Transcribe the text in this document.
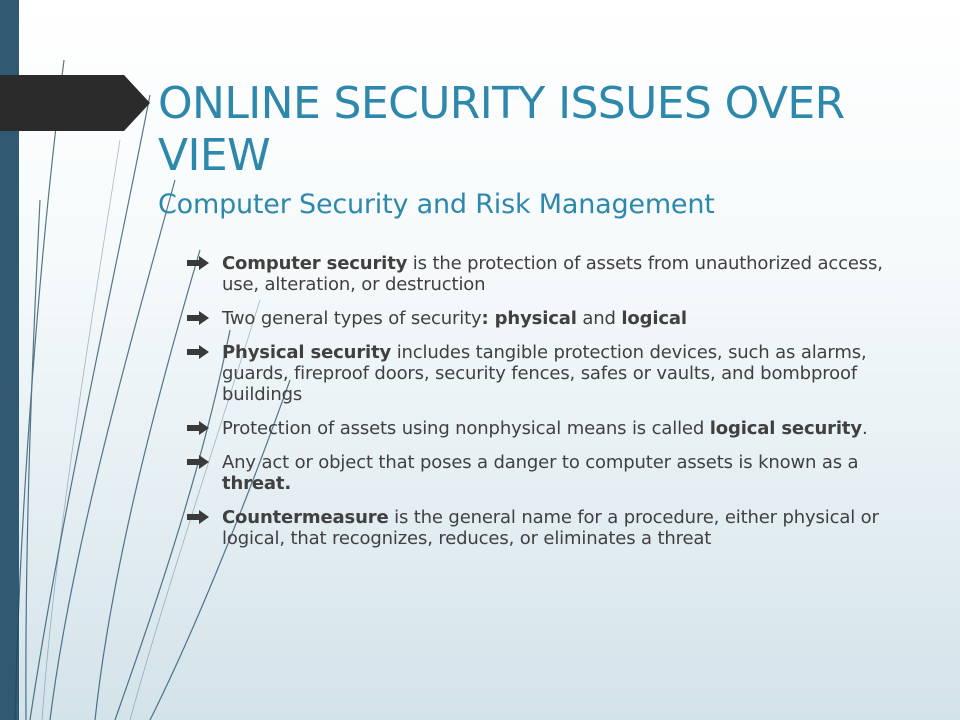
ONLINE SECURITY ISSUES OVER VIEW
Computer Security and Risk Management
Computer security is the protection of assets from unauthorized access, use, alteration, or destruction
Two general types of security: physical and logical
Physical security includes tangible protection devices, such as alarms, guards, fireproof doors, security fences, safes or vaults, and bombproof buildings
Protection of assets using nonphysical means is called logical security.
Any act or object that poses a danger to computer assets is known as a threat.
Countermeasure is the general name for a procedure, either physical or logical, that recognizes, reduces, or eliminates a threat
